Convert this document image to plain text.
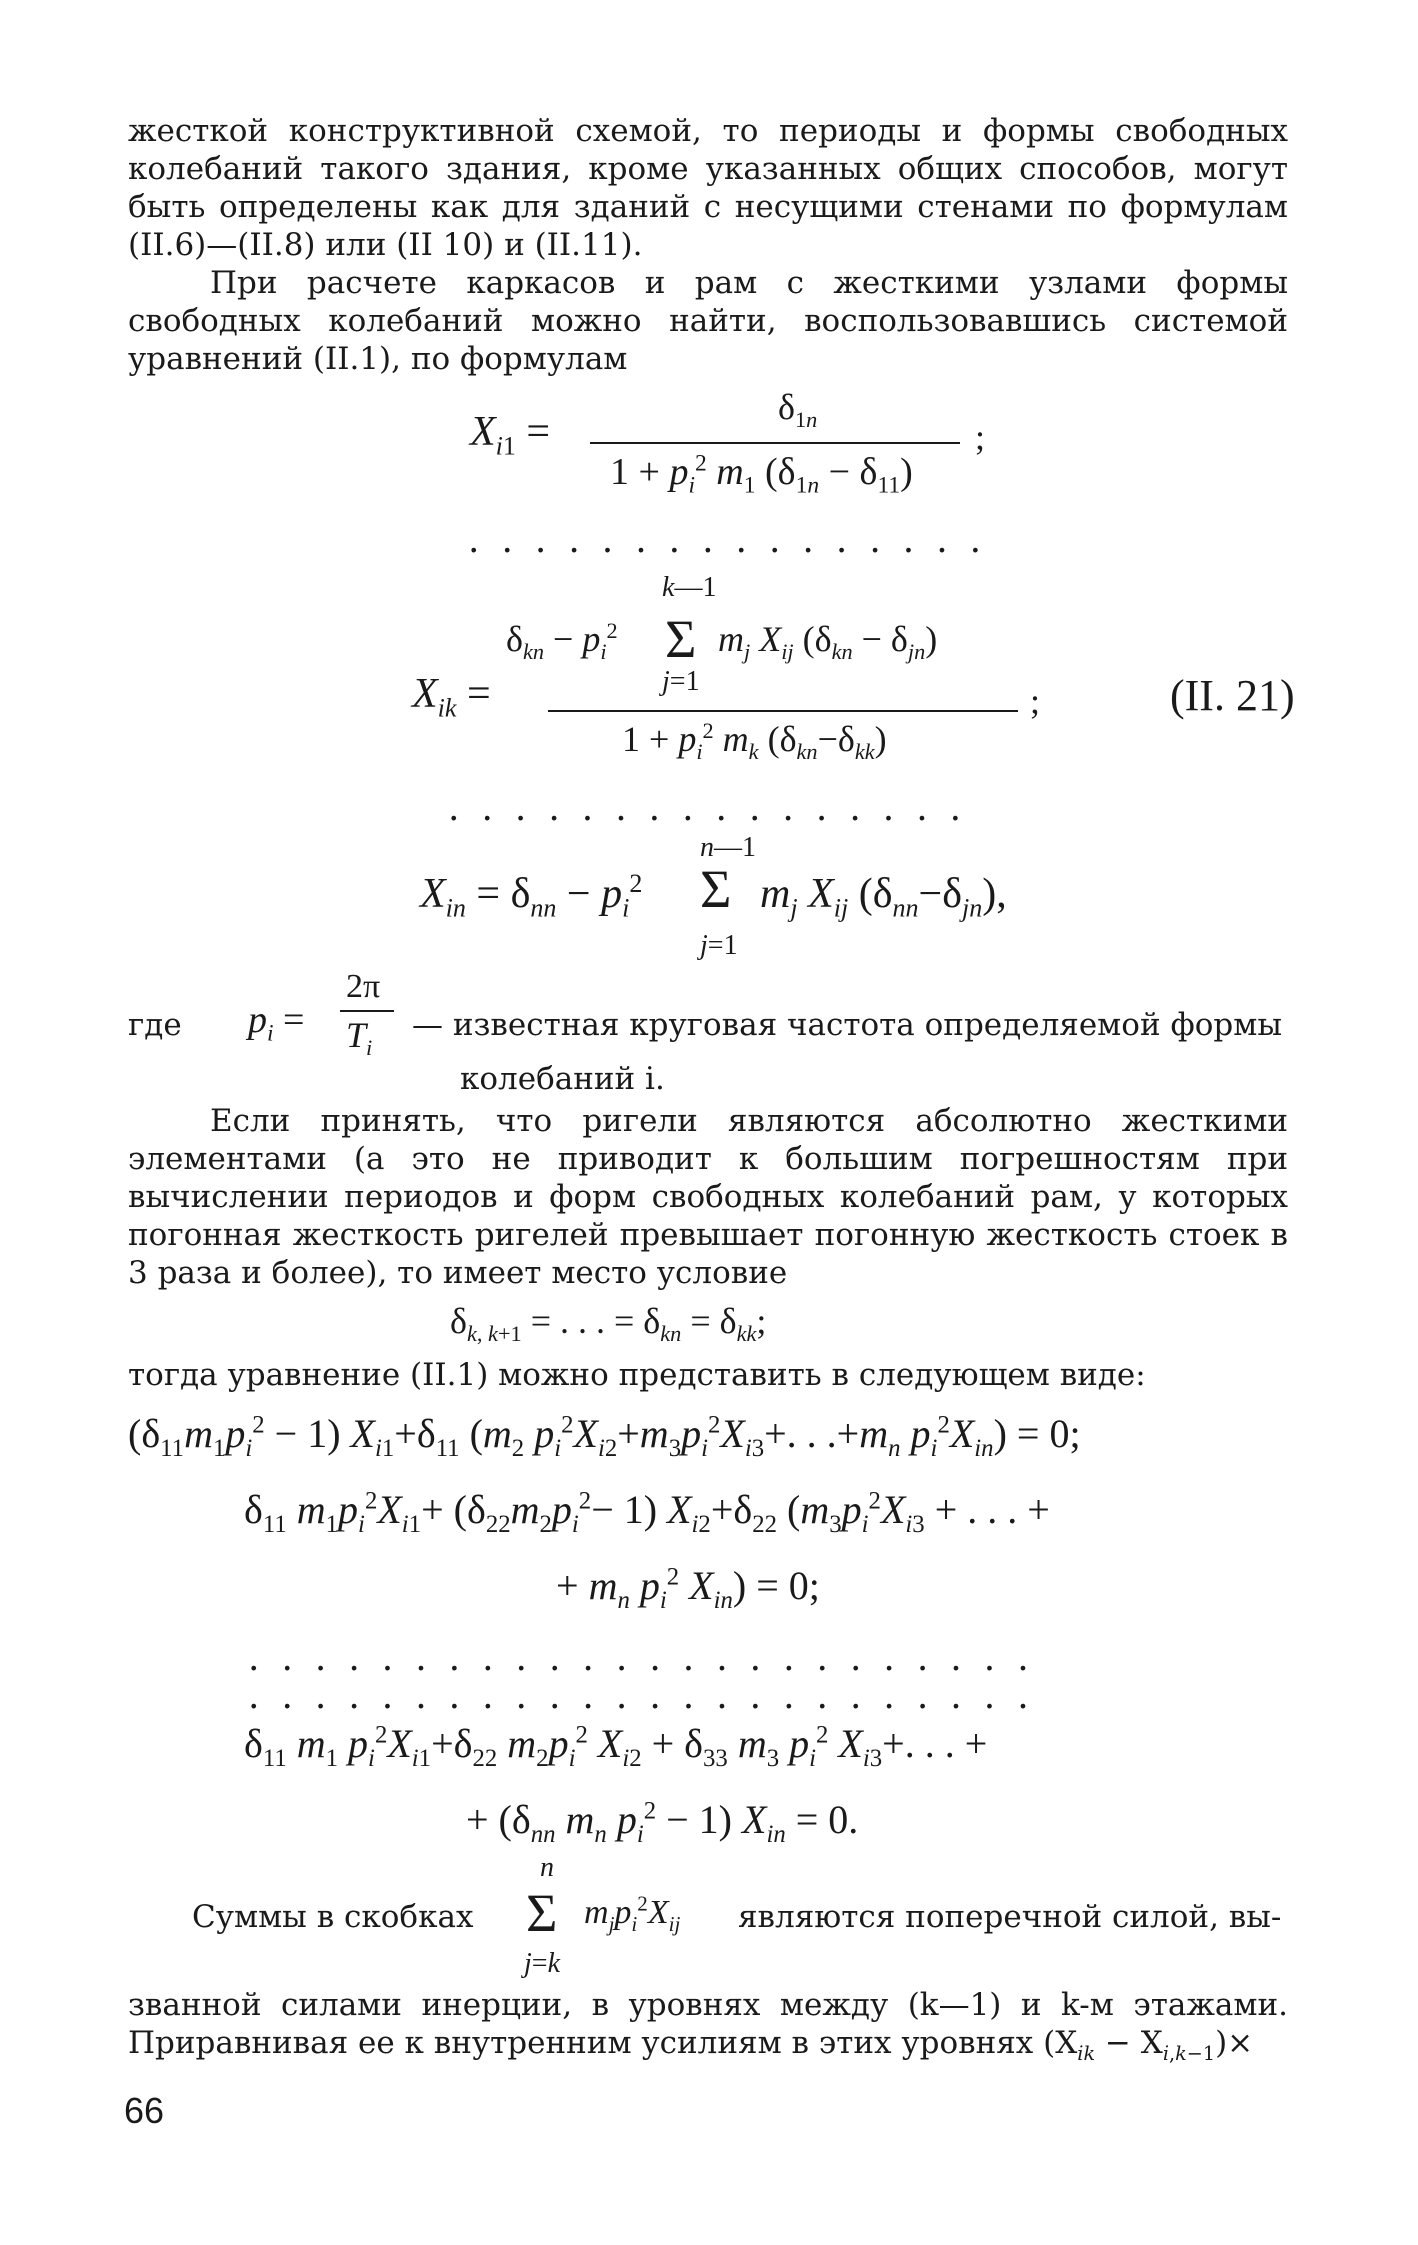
жесткой конструктивной схемой, то периоды и формы свободных колебаний такого здания, кроме указанных общих способов, могут быть определены как для зданий с несущими стенами по формулам (II.6)—(II.8) или (II 10) и (II.11).

При расчете каркасов и рам с жесткими узлами формы свободных колебаний можно найти, воспользовавшись системой уравнений (II.1), по формулам

$X_{i1}$ =
$\delta_{1n}$
$1 + p_i^2$ $m_1$ $(\delta_{1n} - \delta_{11})$
;
................
k—1
$\delta_{kn} - p_i^2$ Σ $m_j$ $X_{ij}$ $(\delta_{kn} - \delta_{jn})$
j=1
$X_{ik}$ =
$1 + p_i^2$ $m_k$ $(\delta_{kn}-\delta_{kk})$
;	(II. 21)
................
n—1
$X_{in} = \delta_{nn} - p_i^2$ Σ $m_j$ $X_{ij}$ $(\delta_{nn}-\delta_{jn})$,
j=1
где $p_i$ =
2π
$T_i$
— известная круговая частота определяемой формы
колебаний i.

Если принять, что ригели являются абсолютно жесткими элементами (а это не приводит к большим погрешностям при вычислении периодов и форм свободных колебаний рам, у которых погонная жесткость ригелей превышает погонную жесткость стоек в 3 раза и более), то имеет место условие

$\delta_{k, k+1}$ = . . . = $\delta_{kn} = \delta_{kk}$;

тогда уравнение (II.1) можно представить в следующем виде:

$(\delta_{11}m_1p_i^2 - 1)$ $X_{i1}+\delta_{11}$ ($m_2$ $p_i^2X_{i2}+m_3p_i^2X_{i3}+$. . $.+m_n$ $p_i^2X_{in}) = 0$;
$\delta_{11}$ $m_1p_i^2X_{i1}+ (\delta_{22}m_2p_i^2- 1)$ $X_{i2}+\delta_{22}$ ($m_3p_i^2X_{i3}$ + . . . +
+ $m_n$ $p_i^2$ $X_{in}) = 0$;
........................
........................
$\delta_{11}$ $m_1$ $p_i^2X_{i1}+\delta_{22}$ $m_2p_i^2$ $X_{i2} + \delta_{33}$ $m_3$ $p_i^2$ $X_{i3}+$. . . +
+ ($\delta_{nn}$ $m_n$ $p_i^2 - 1$) $X_{in} = 0$.
Суммы в скобках
n
Σ $m_jp_i^2X_{ij}$
j=k
являются поперечной силой, вы-
званной силами инерции, в уровнях между (k—1) и k-м этажами. Приравнивая ее к внутренним усилиям в этих уровнях $(X_{ik} - X_{i,k-1})\times$
66
